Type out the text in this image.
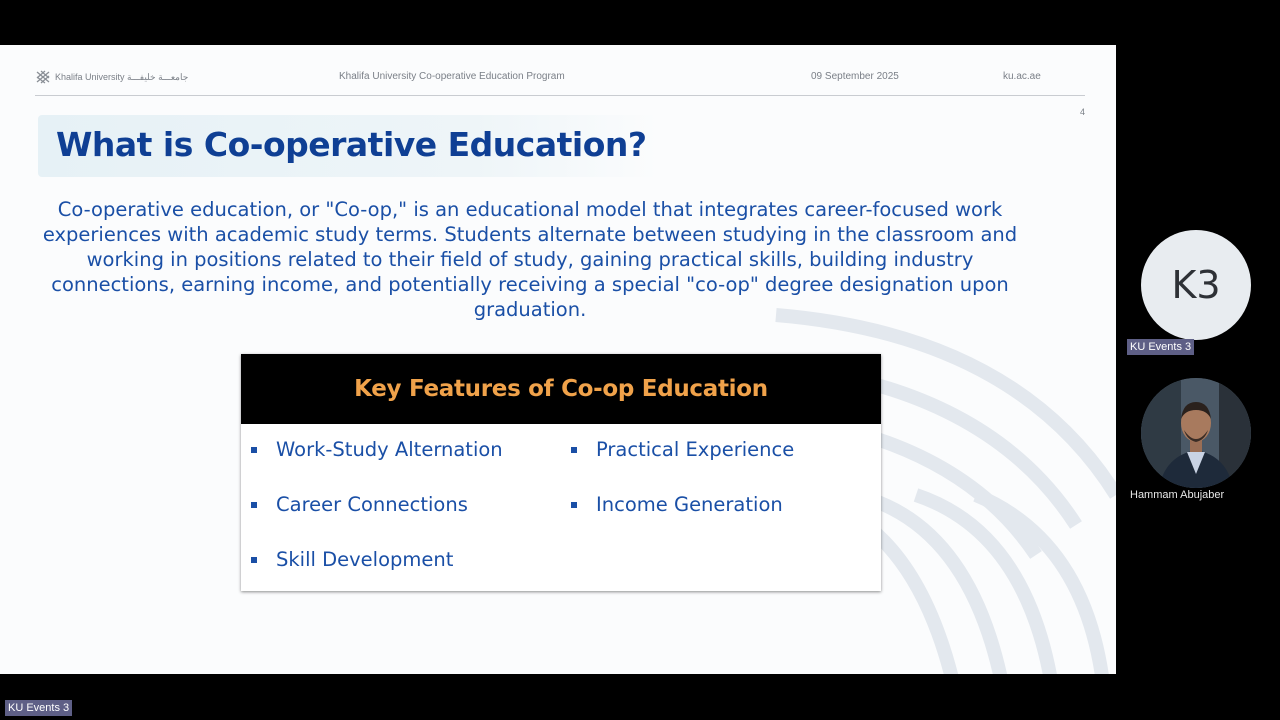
Khalifa University جامعـــة خليفـــة	Khalifa University Co-operative Education Program	09 September 2025	ku.ac.ae
4
What is Co-operative Education?
Co-operative education, or "Co-op," is an educational model that integrates career-focused work experiences with academic study terms. Students alternate between studying in the classroom and working in positions related to their field of study, gaining practical skills, building industry connections, earning income, and potentially receiving a special "co-op" degree designation upon graduation.
Key Features of Co-op Education
Work-Study Alternation	Practical Experience
Career Connections	Income Generation
Skill Development
K3
KU Events 3
Hammam Abujaber
KU Events 3
